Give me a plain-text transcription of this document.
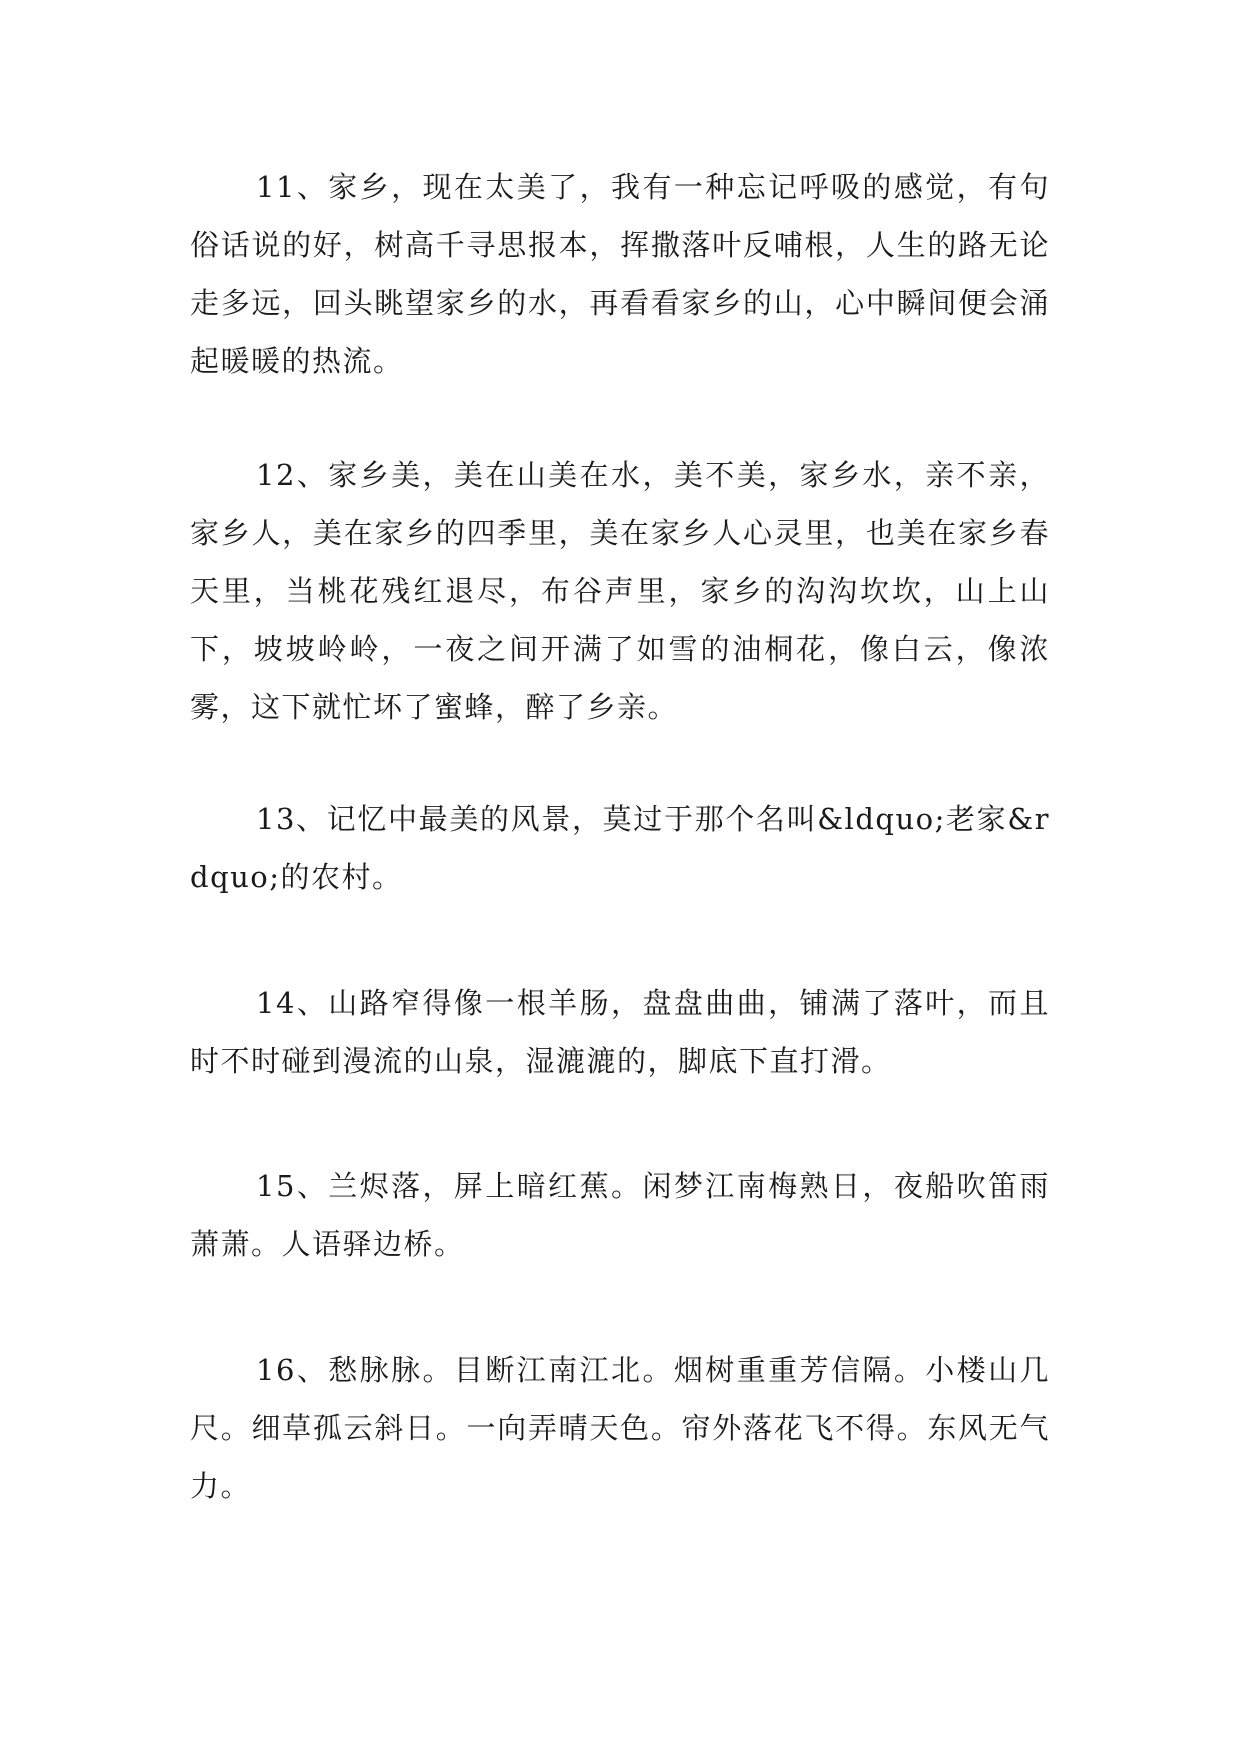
11、家乡，现在太美了，我有一种忘记呼吸的感觉，有句俗话说的好，树高千寻思报本，挥撒落叶反哺根，人生的路无论走多远，回头眺望家乡的水，再看看家乡的山，心中瞬间便会涌起暖暖的热流。

12、家乡美，美在山美在水，美不美，家乡水，亲不亲，家乡人，美在家乡的四季里，美在家乡人心灵里，也美在家乡春天里，当桃花残红退尽，布谷声里，家乡的沟沟坎坎，山上山下，坡坡岭岭，一夜之间开满了如雪的油桐花，像白云，像浓雾，这下就忙坏了蜜蜂，醉了乡亲。

13、记忆中最美的风景，莫过于那个名叫&ldquo;老家&rdquo;的农村。

14、山路窄得像一根羊肠，盘盘曲曲，铺满了落叶，而且时不时碰到漫流的山泉，湿漉漉的，脚底下直打滑。

15、兰烬落，屏上暗红蕉。闲梦江南梅熟日，夜船吹笛雨萧萧。人语驿边桥。

16、愁脉脉。目断江南江北。烟树重重芳信隔。小楼山几尺。细草孤云斜日。一向弄晴天色。帘外落花飞不得。东风无气力。
